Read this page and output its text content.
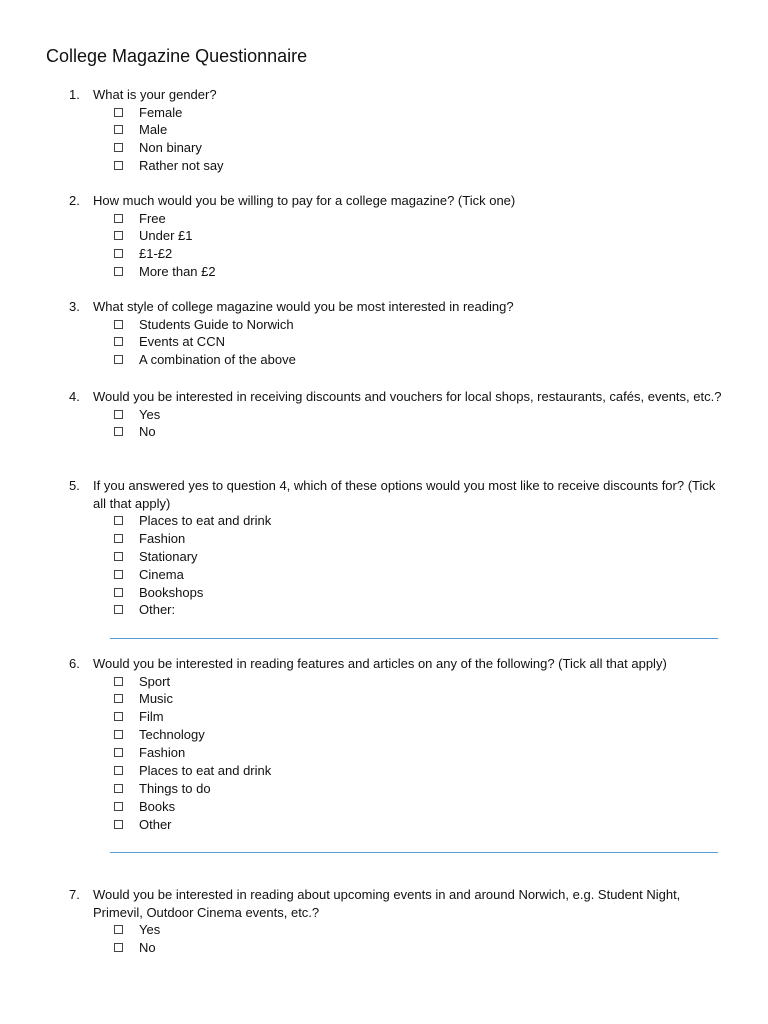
College Magazine Questionnaire
1. What is your gender?
Female
Male
Non binary
Rather not say
2. How much would you be willing to pay for a college magazine? (Tick one)
Free
Under £1
£1-£2
More than £2
3. What style of college magazine would you be most interested in reading?
Students Guide to Norwich
Events at CCN
A combination of the above
4. Would you be interested in receiving discounts and vouchers for local shops, restaurants, cafés, events, etc.?
Yes
No
5. If you answered yes to question 4, which of these options would you most like to receive discounts for? (Tick all that apply)
Places to eat and drink
Fashion
Stationary
Cinema
Bookshops
Other:
6. Would you be interested in reading features and articles on any of the following? (Tick all that apply)
Sport
Music
Film
Technology
Fashion
Places to eat and drink
Things to do
Books
Other
7. Would you be interested in reading about upcoming events in and around Norwich, e.g. Student Night, Primevil, Outdoor Cinema events, etc.?
Yes
No
